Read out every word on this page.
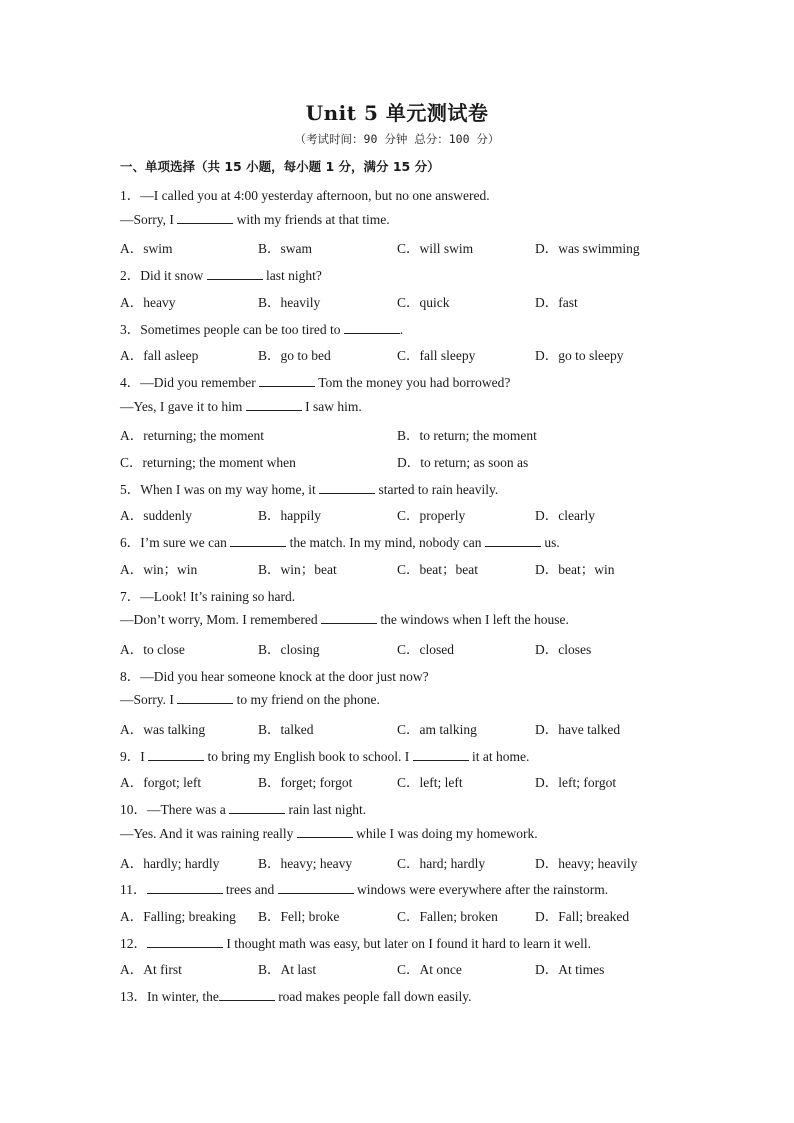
Unit 5 单元测试卷
（考试时间：90 分钟 总分：100 分）
一、单项选择（共 15 小题，每小题 1 分，满分 15 分）
1．—I called you at 4:00 yesterday afternoon, but no one answered.
—Sorry, I	with my friends at that time.
A．swim	B．swam	C．will swim	D．was swimming
2．Did it snow	last night?
A．heavy	B．heavily	C．quick	D．fast
3．Sometimes people can be too tired to	.
A．fall asleep	B．go to bed	C．fall sleepy	D．go to sleepy
4．—Did you remember	Tom the money you had borrowed?
—Yes, I gave it to him	I saw him.
A．returning; the moment	B．to return; the moment
C．returning; the moment when	D．to return; as soon as
5．When I was on my way home, it	started to rain heavily.
A．suddenly	B．happily	C．properly	D．clearly
6．I’m sure we can	the match. In my mind, nobody can	us.
A．win；win	B．win；beat	C．beat；beat	D．beat；win
7．—Look! It’s raining so hard.
—Don’t worry, Mom. I remembered	the windows when I left the house.
A．to close	B．closing	C．closed	D．closes
8．—Did you hear someone knock at the door just now?
—Sorry. I	to my friend on the phone.
A．was talking	B．talked	C．am talking	D．have talked
9．I	to bring my English book to school. I	it at home.
A．forgot; left	B．forget; forgot	C．left; left	D．left; forgot
10．—There was a	rain last night.
—Yes. And it was raining really	while I was doing my homework.
A．hardly; hardly	B．heavy; heavy	C．hard; hardly	D．heavy; heavily
11．	trees and	windows were everywhere after the rainstorm.
A．Falling; breaking B．Fell; broke	C．Fallen; broken	D．Fall; breaked
12．	I thought math was easy, but later on I found it hard to learn it well.
A．At first	B．At last	C．At once	D．At times
13．In winter, the	road makes people fall down easily.
